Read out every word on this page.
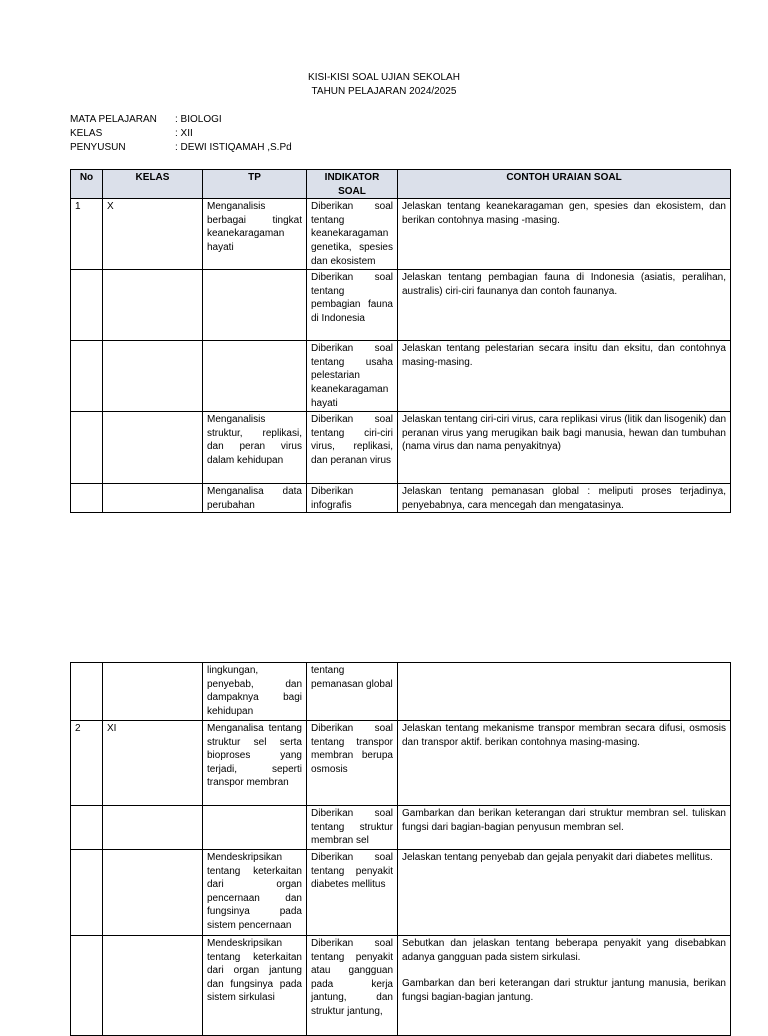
KISI-KISI SOAL UJIAN SEKOLAH
TAHUN PELAJARAN 2024/2025
MATA PELAJARAN : BIOLOGI
KELAS	: XII
PENYUSUN	: DEWI ISTIQAMAH ,S.Pd
No	KELAS	TP	INDIKATOR SOAL	CONTOH URAIAN SOAL
1	X	Menganalisis berbagai tingkat keanekaragaman hayati	Diberikan soal tentang keanekaragaman genetika, spesies dan ekosistem	Jelaskan tentang keanekaragaman gen, spesies dan ekosistem, dan berikan contohnya masing -masing.
			Diberikan soal tentang pembagian fauna di Indonesia	Jelaskan tentang pembagian fauna di Indonesia (asiatis, peralihan, australis) ciri-ciri faunanya dan contoh faunanya.
			Diberikan soal tentang usaha pelestarian keanekaragaman hayati	Jelaskan tentang pelestarian secara insitu dan eksitu, dan contohnya masing-masing.
		Menganalisis struktur, replikasi, dan peran virus dalam kehidupan	Diberikan soal tentang ciri-ciri virus, replikasi, dan peranan virus	Jelaskan tentang ciri-ciri virus, cara replikasi virus (litik dan lisogenik) dan peranan virus yang merugikan baik bagi manusia, hewan dan tumbuhan (nama virus dan nama penyakitnya)
		Menganalisa data perubahan	Diberikan infografis	Jelaskan tentang pemanasan global : meliputi proses terjadinya, penyebabnya, cara mencegah dan mengatasinya.
		lingkungan, penyebab, dan dampaknya bagi kehidupan	tentang pemanasan global	
2	XI	Menganalisa tentang struktur sel serta bioproses yang terjadi, seperti transpor membran	Diberikan soal tentang transpor membran berupa osmosis	Jelaskan tentang mekanisme transpor membran secara difusi, osmosis dan transpor aktif. berikan contohnya masing-masing.
			Diberikan soal tentang struktur membran sel	Gambarkan dan berikan keterangan dari struktur membran sel. tuliskan fungsi dari bagian-bagian penyusun membran sel.
		Mendeskripsikan tentang keterkaitan dari organ pencernaan dan fungsinya pada sistem pencernaan	Diberikan soal tentang penyakit diabetes mellitus	Jelaskan tentang penyebab dan gejala penyakit dari diabetes mellitus.
		Mendeskripsikan tentang keterkaitan dari organ jantung dan fungsinya pada sistem sirkulasi	Diberikan soal tentang penyakit atau gangguan pada kerja jantung, dan struktur jantung,	Sebutkan dan jelaskan tentang beberapa penyakit yang disebabkan adanya gangguan pada sistem sirkulasi.

Gambarkan dan beri keterangan dari struktur jantung manusia, berikan fungsi bagian-bagian jantung.
